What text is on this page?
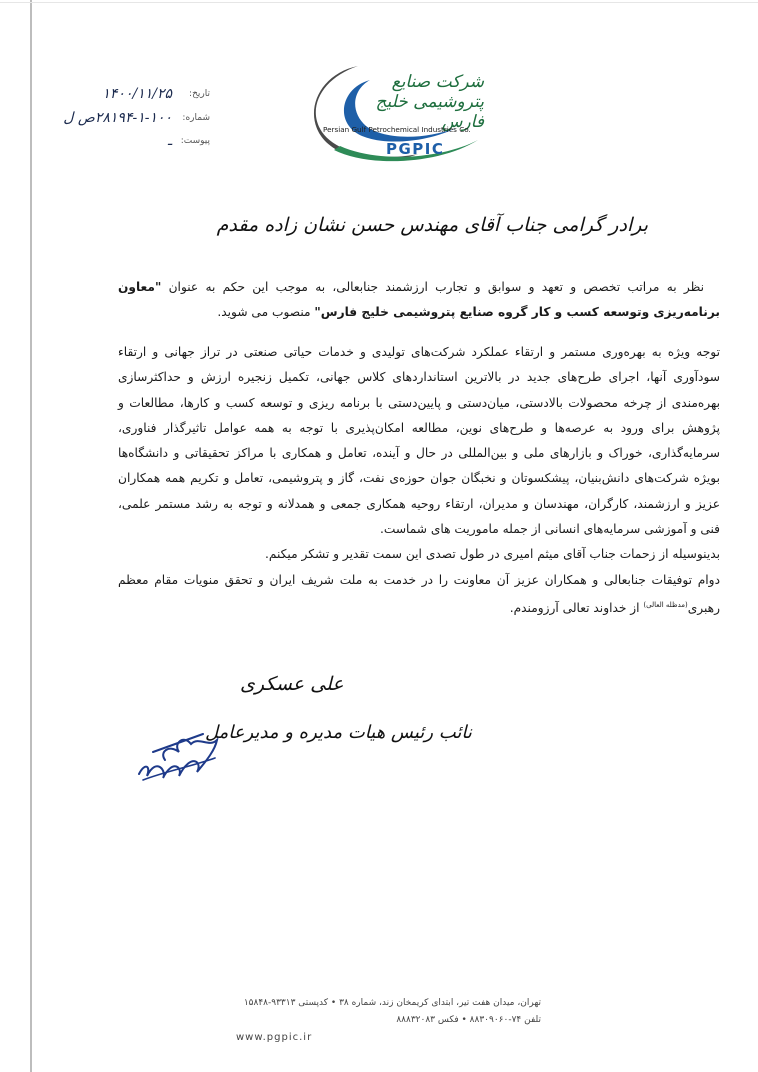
شرکت صنایع پتروشیمی خلیج فارس
Persian Gulf Petrochemical Industries Co.
PGPIC
تاریخ:
۱۴۰۰/۱۱/۲۵
شماره:
۲۸۱۹۴-۱-۱۰۰ص ل
پیوست:
ـ
برادر گرامی جناب آقای مهندس حسن نشان زاده مقدم

نظر به مراتب تخصص و تعهد و سوابق و تجارب ارزشمند جنابعالی، به موجب این حکم به عنوان "معاون برنامه‌ریزی وتوسعه کسب و کار گروه صنایع پتروشیمی خلیج فارس" منصوب می شوید.

توجه ویژه به بهره‌وری مستمر و ارتقاء عملکرد شرکت‌های تولیدی و خدمات حیاتی صنعتی در تراز جهانی و ارتقاء سودآوری آنها، اجرای طرح‌های جدید در بالاترین استانداردهای کلاس جهانی، تکمیل زنجیره ارزش و حداکثرسازی بهره‌مندی از چرخه محصولات بالادستی، میان‌دستی و پایین‌دستی با برنامه ریزی و توسعه کسب و کارها، مطالعات و پژوهش برای ورود به عرصه‌ها و طرح‌های نوین، مطالعه امکان‌پذیری با توجه به همه عوامل تاثیرگذار فناوری، سرمایه‌گذاری، خوراک و بازارهای ملی و بین‌المللی در حال و آینده، تعامل و همکاری با مراکز تحقیقاتی و دانشگاه‌ها بویژه شرکت‌های دانش‌بنیان، پیشکسوتان و نخبگان جوان حوزه‌ی نفت، گاز و پتروشیمی، تعامل و تکریم همه همکاران عزیز و ارزشمند، کارگران، مهندسان و مدیران، ارتقاء روحیه همکاری جمعی و همدلانه و توجه به رشد مستمر علمی، فنی و آموزشی سرمایه‌های انسانی از جمله ماموریت های شماست.

بدینوسیله از زحمات جناب آقای میثم امیری در طول تصدی این سمت تقدیر و تشکر میکنم.

دوام توفیقات جنابعالی و همکاران عزیز آن معاونت را در خدمت به ملت شریف ایران و تحقق منویات مقام معظم رهبری$^{(مدظله العالی)}$ از خداوند تعالی آرزومندم.

علی عسکری
نائب رئیس هیات مدیره و مدیرعامل
تهران، میدان هفت تیر، ابتدای کریمخان زند، شماره ۳۸ • کدپستی ۹۳۳۱۳-۱۵۸۴۸
تلفن ۷۴-۸۸۳۰۹۰۶۰ • فکس ۸۸۸۳۲۰۸۳
www.pgpic.ir
